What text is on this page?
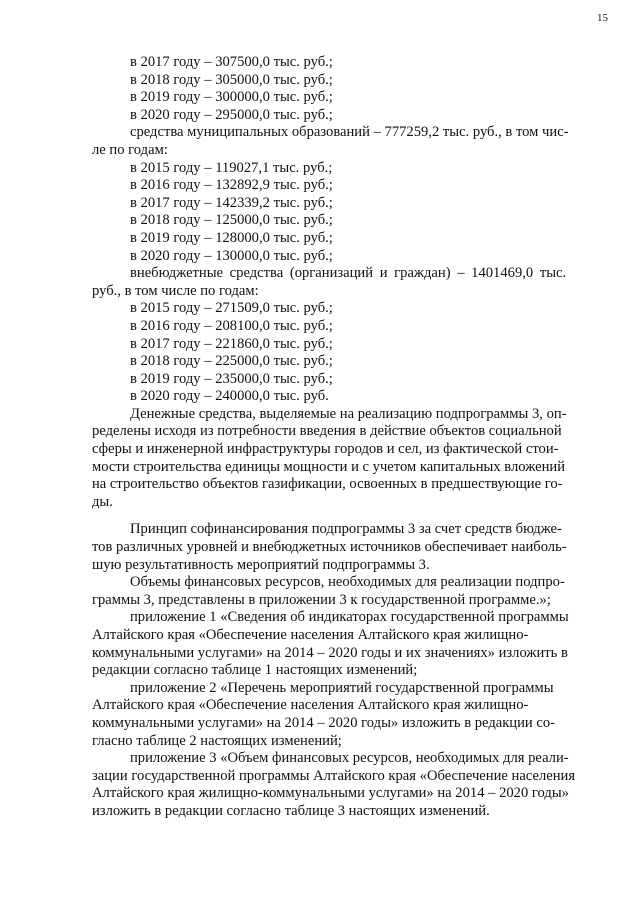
15
в 2017 году – 307500,0 тыс. руб.;
в 2018 году – 305000,0 тыс. руб.;
в 2019 году – 300000,0 тыс. руб.;
в 2020 году – 295000,0 тыс. руб.;
средства муниципальных образований – 777259,2 тыс. руб., в том чис-
ле по годам:
в 2015 году – 119027,1 тыс. руб.;
в 2016 году – 132892,9 тыс. руб.;
в 2017 году – 142339,2 тыс. руб.;
в 2018 году – 125000,0 тыс. руб.;
в 2019 году – 128000,0 тыс. руб.;
в 2020 году – 130000,0 тыс. руб.;
внебюджетные средства (организаций и граждан) – 1401469,0 тыс.
руб., в том числе по годам:
в 2015 году – 271509,0 тыс. руб.;
в 2016 году – 208100,0 тыс. руб.;
в 2017 году – 221860,0 тыс. руб.;
в 2018 году – 225000,0 тыс. руб.;
в 2019 году – 235000,0 тыс. руб.;
в 2020 году – 240000,0 тыс. руб.
Денежные средства, выделяемые на реализацию подпрограммы 3, оп-
ределены исходя из потребности введения в действие объектов социальной
сферы и инженерной инфраструктуры городов и сел, из фактической стои-
мости строительства единицы мощности и с учетом капитальных вложений
на строительство объектов газификации, освоенных в предшествующие го-
ды.
Принцип софинансирования подпрограммы 3 за счет средств бюдже-
тов различных уровней и внебюджетных источников обеспечивает наиболь-
шую результативность мероприятий подпрограммы 3.
Объемы финансовых ресурсов, необходимых для реализации подпро-
граммы 3, представлены в приложении 3 к государственной программе.»;
приложение 1 «Сведения об индикаторах государственной программы
Алтайского края «Обеспечение населения Алтайского края жилищно-
коммунальными услугами» на 2014 – 2020 годы и их значениях» изложить в
редакции согласно таблице 1 настоящих изменений;
приложение 2 «Перечень мероприятий государственной программы
Алтайского края «Обеспечение населения Алтайского края жилищно-
коммунальными услугами» на 2014 – 2020 годы» изложить в редакции со-
гласно таблице 2 настоящих изменений;
приложение 3 «Объем финансовых ресурсов, необходимых для реали-
зации государственной программы Алтайского края «Обеспечение населения
Алтайского края жилищно-коммунальными услугами» на 2014 – 2020 годы»
изложить в редакции согласно таблице 3 настоящих изменений.
